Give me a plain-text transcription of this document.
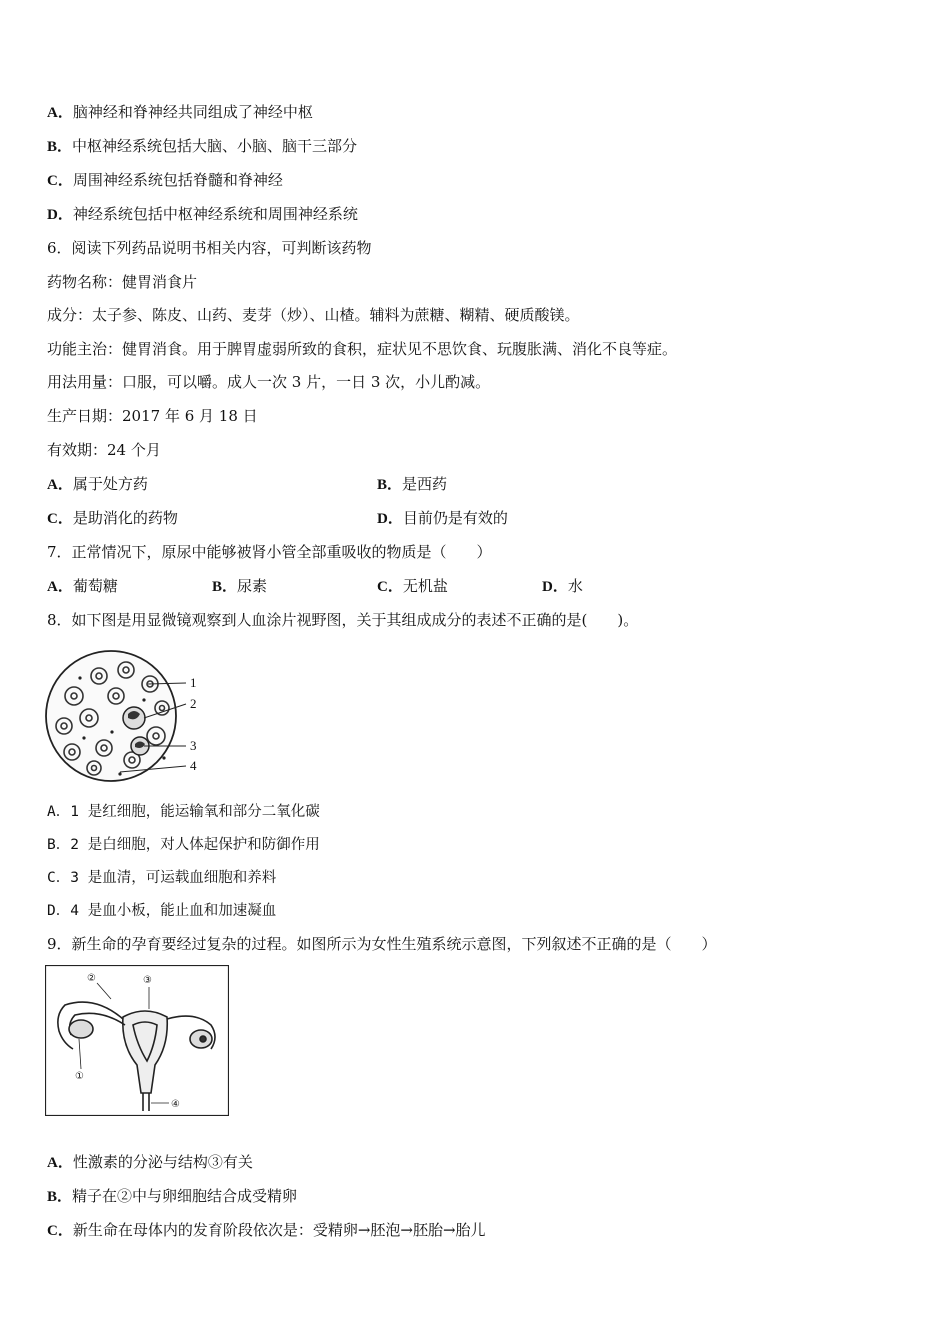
A．脑神经和脊神经共同组成了神经中枢
B．中枢神经系统包括大脑、小脑、脑干三部分
C．周围神经系统包括脊髓和脊神经
D．神经系统包括中枢神经系统和周围神经系统
6．阅读下列药品说明书相关内容，可判断该药物
药物名称：健胃消食片
成分：太子参、陈皮、山药、麦芽（炒）、山楂。辅料为蔗糖、糊精、硬质酸镁。
功能主治：健胃消食。用于脾胃虚弱所致的食积，症状见不思饮食、玩腹胀满、消化不良等症。
用法用量：口服，可以嚼。成人一次 3 片，一日 3 次，小儿酌减。
生产日期：2017 年 6 月 18 日
有效期：24 个月
A．属于处方药	B．是西药
C．是助消化的药物	D．目前仍是有效的
7．正常情况下，原尿中能够被肾小管全部重吸收的物质是（　　）
A．葡萄糖	B．尿素	C．无机盐	D．水
8．如下图是用显微镜观察到人血涂片视野图，关于其组成成分的表述不正确的是(　　)。
1
2
3
4
A．1 是红细胞，能运输氧和部分二氧化碳
B．2 是白细胞，对人体起保护和防御作用
C．3 是血清，可运载血细胞和养料
D．4 是血小板，能止血和加速凝血
9．新生命的孕育要经过复杂的过程。如图所示为女性生殖系统示意图，下列叙述不正确的是（　　）
②	③
①
④
A．性激素的分泌与结构③有关
B．精子在②中与卵细胞结合成受精卵
C．新生命在母体内的发育阶段依次是：受精卵→胚泡→胚胎→胎儿
